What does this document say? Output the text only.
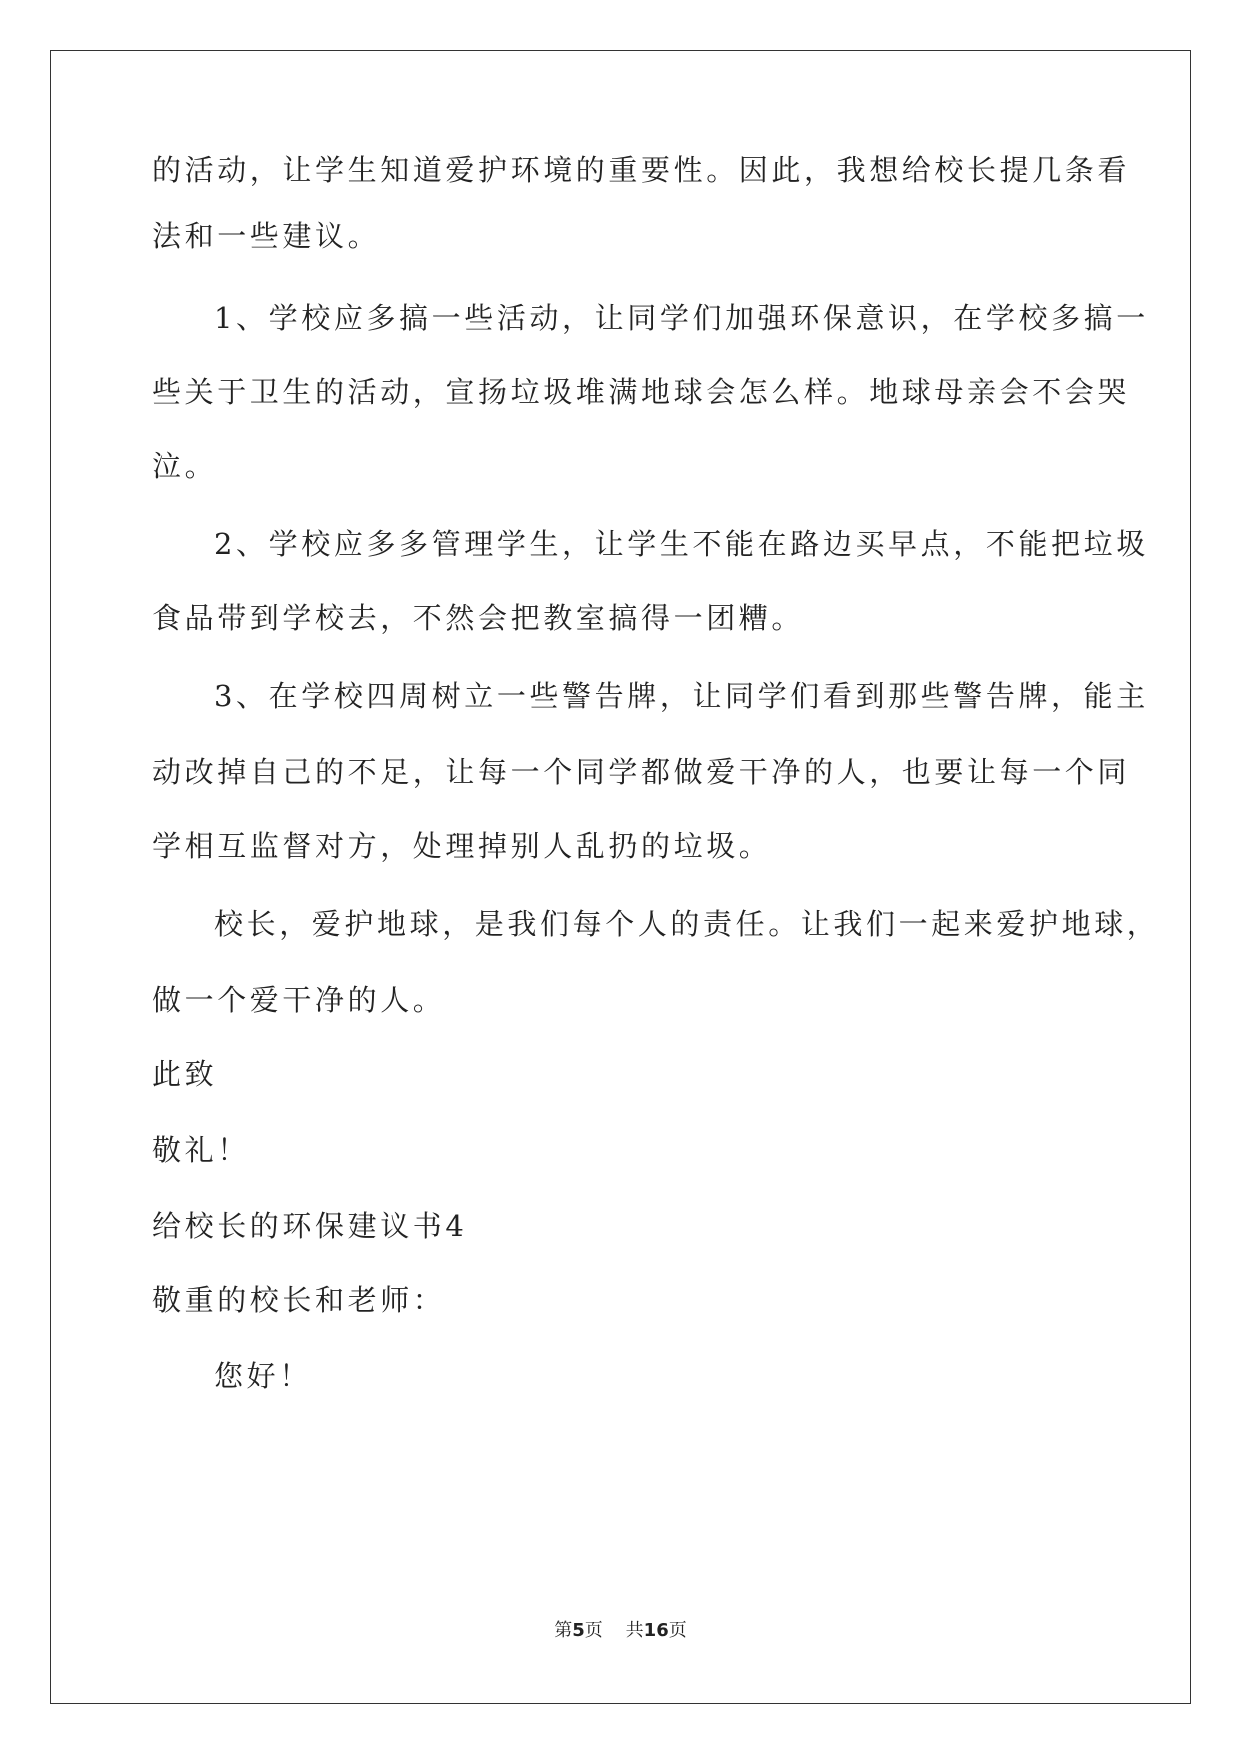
的活动，让学生知道爱护环境的重要性。因此，我想给校长提几条看
法和一些建议。
1、学校应多搞一些活动，让同学们加强环保意识，在学校多搞一
些关于卫生的活动，宣扬垃圾堆满地球会怎么样。地球母亲会不会哭
泣。
2、学校应多多管理学生，让学生不能在路边买早点，不能把垃圾
食品带到学校去，不然会把教室搞得一团糟。
3、在学校四周树立一些警告牌，让同学们看到那些警告牌，能主
动改掉自己的不足，让每一个同学都做爱干净的人，也要让每一个同
学相互监督对方，处理掉别人乱扔的垃圾。
校长，爱护地球，是我们每个人的责任。让我们一起来爱护地球，
做一个爱干净的人。
此致
敬礼！
给校长的环保建议书4
敬重的校长和老师：
您好！
第5页 共16页
